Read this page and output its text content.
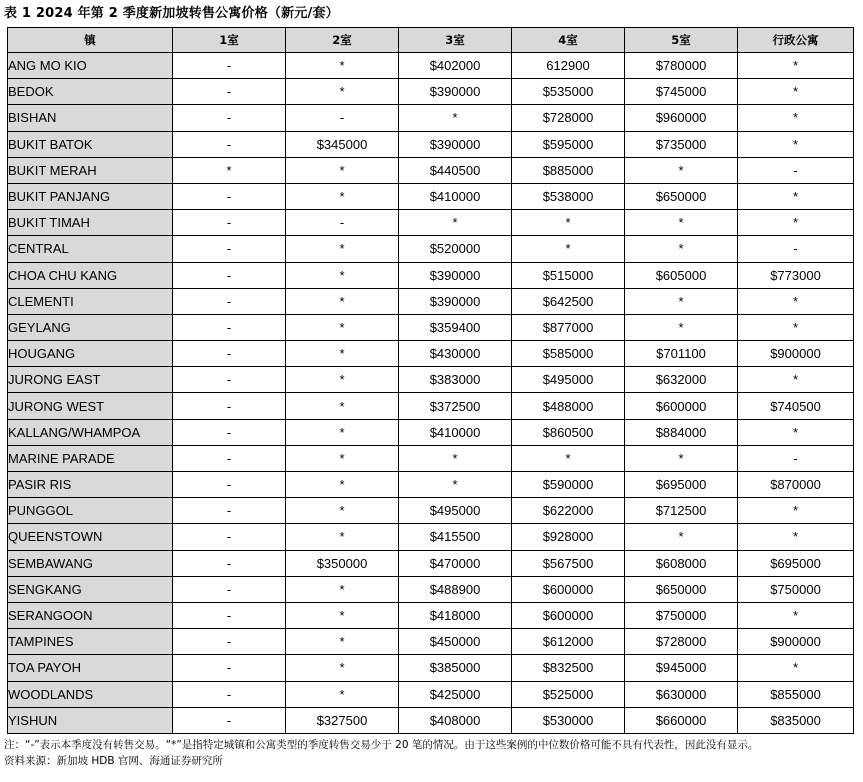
表 1 2024 年第 2 季度新加坡转售公寓价格（新元/套）
镇	1室	2室	3室	4室	5室	行政公寓
ANG MO KIO	-	*	$402000	612900	$780000	*
BEDOK	-	*	$390000	$535000	$745000	*
BISHAN	-	-	*	$728000	$960000	*
BUKIT BATOK	-	$345000	$390000	$595000	$735000	*
BUKIT MERAH	*	*	$440500	$885000	*	-
BUKIT PANJANG	-	*	$410000	$538000	$650000	*
BUKIT TIMAH	-	-	*	*	*	*
CENTRAL	-	*	$520000	*	*	-
CHOA CHU KANG	-	*	$390000	$515000	$605000	$773000
CLEMENTI	-	*	$390000	$642500	*	*
GEYLANG	-	*	$359400	$877000	*	*
HOUGANG	-	*	$430000	$585000	$701100	$900000
JURONG EAST	-	*	$383000	$495000	$632000	*
JURONG WEST	-	*	$372500	$488000	$600000	$740500
KALLANG/WHAMPOA	-	*	$410000	$860500	$884000	*
MARINE PARADE	-	*	*	*	*	-
PASIR RIS	-	*	*	$590000	$695000	$870000
PUNGGOL	-	*	$495000	$622000	$712500	*
QUEENSTOWN	-	*	$415500	$928000	*	*
SEMBAWANG	-	$350000	$470000	$567500	$608000	$695000
SENGKANG	-	*	$488900	$600000	$650000	$750000
SERANGOON	-	*	$418000	$600000	$750000	*
TAMPINES	-	*	$450000	$612000	$728000	$900000
TOA PAYOH	-	*	$385000	$832500	$945000	*
WOODLANDS	-	*	$425000	$525000	$630000	$855000
YISHUN	-	$327500	$408000	$530000	$660000	$835000
注：“-”表示本季度没有转售交易。“*”是指特定城镇和公寓类型的季度转售交易少于 20 笔的情况。由于这些案例的中位数价格可能不具有代表性，因此没有显示。
资料来源：新加坡 HDB 官网、海通证券研究所
